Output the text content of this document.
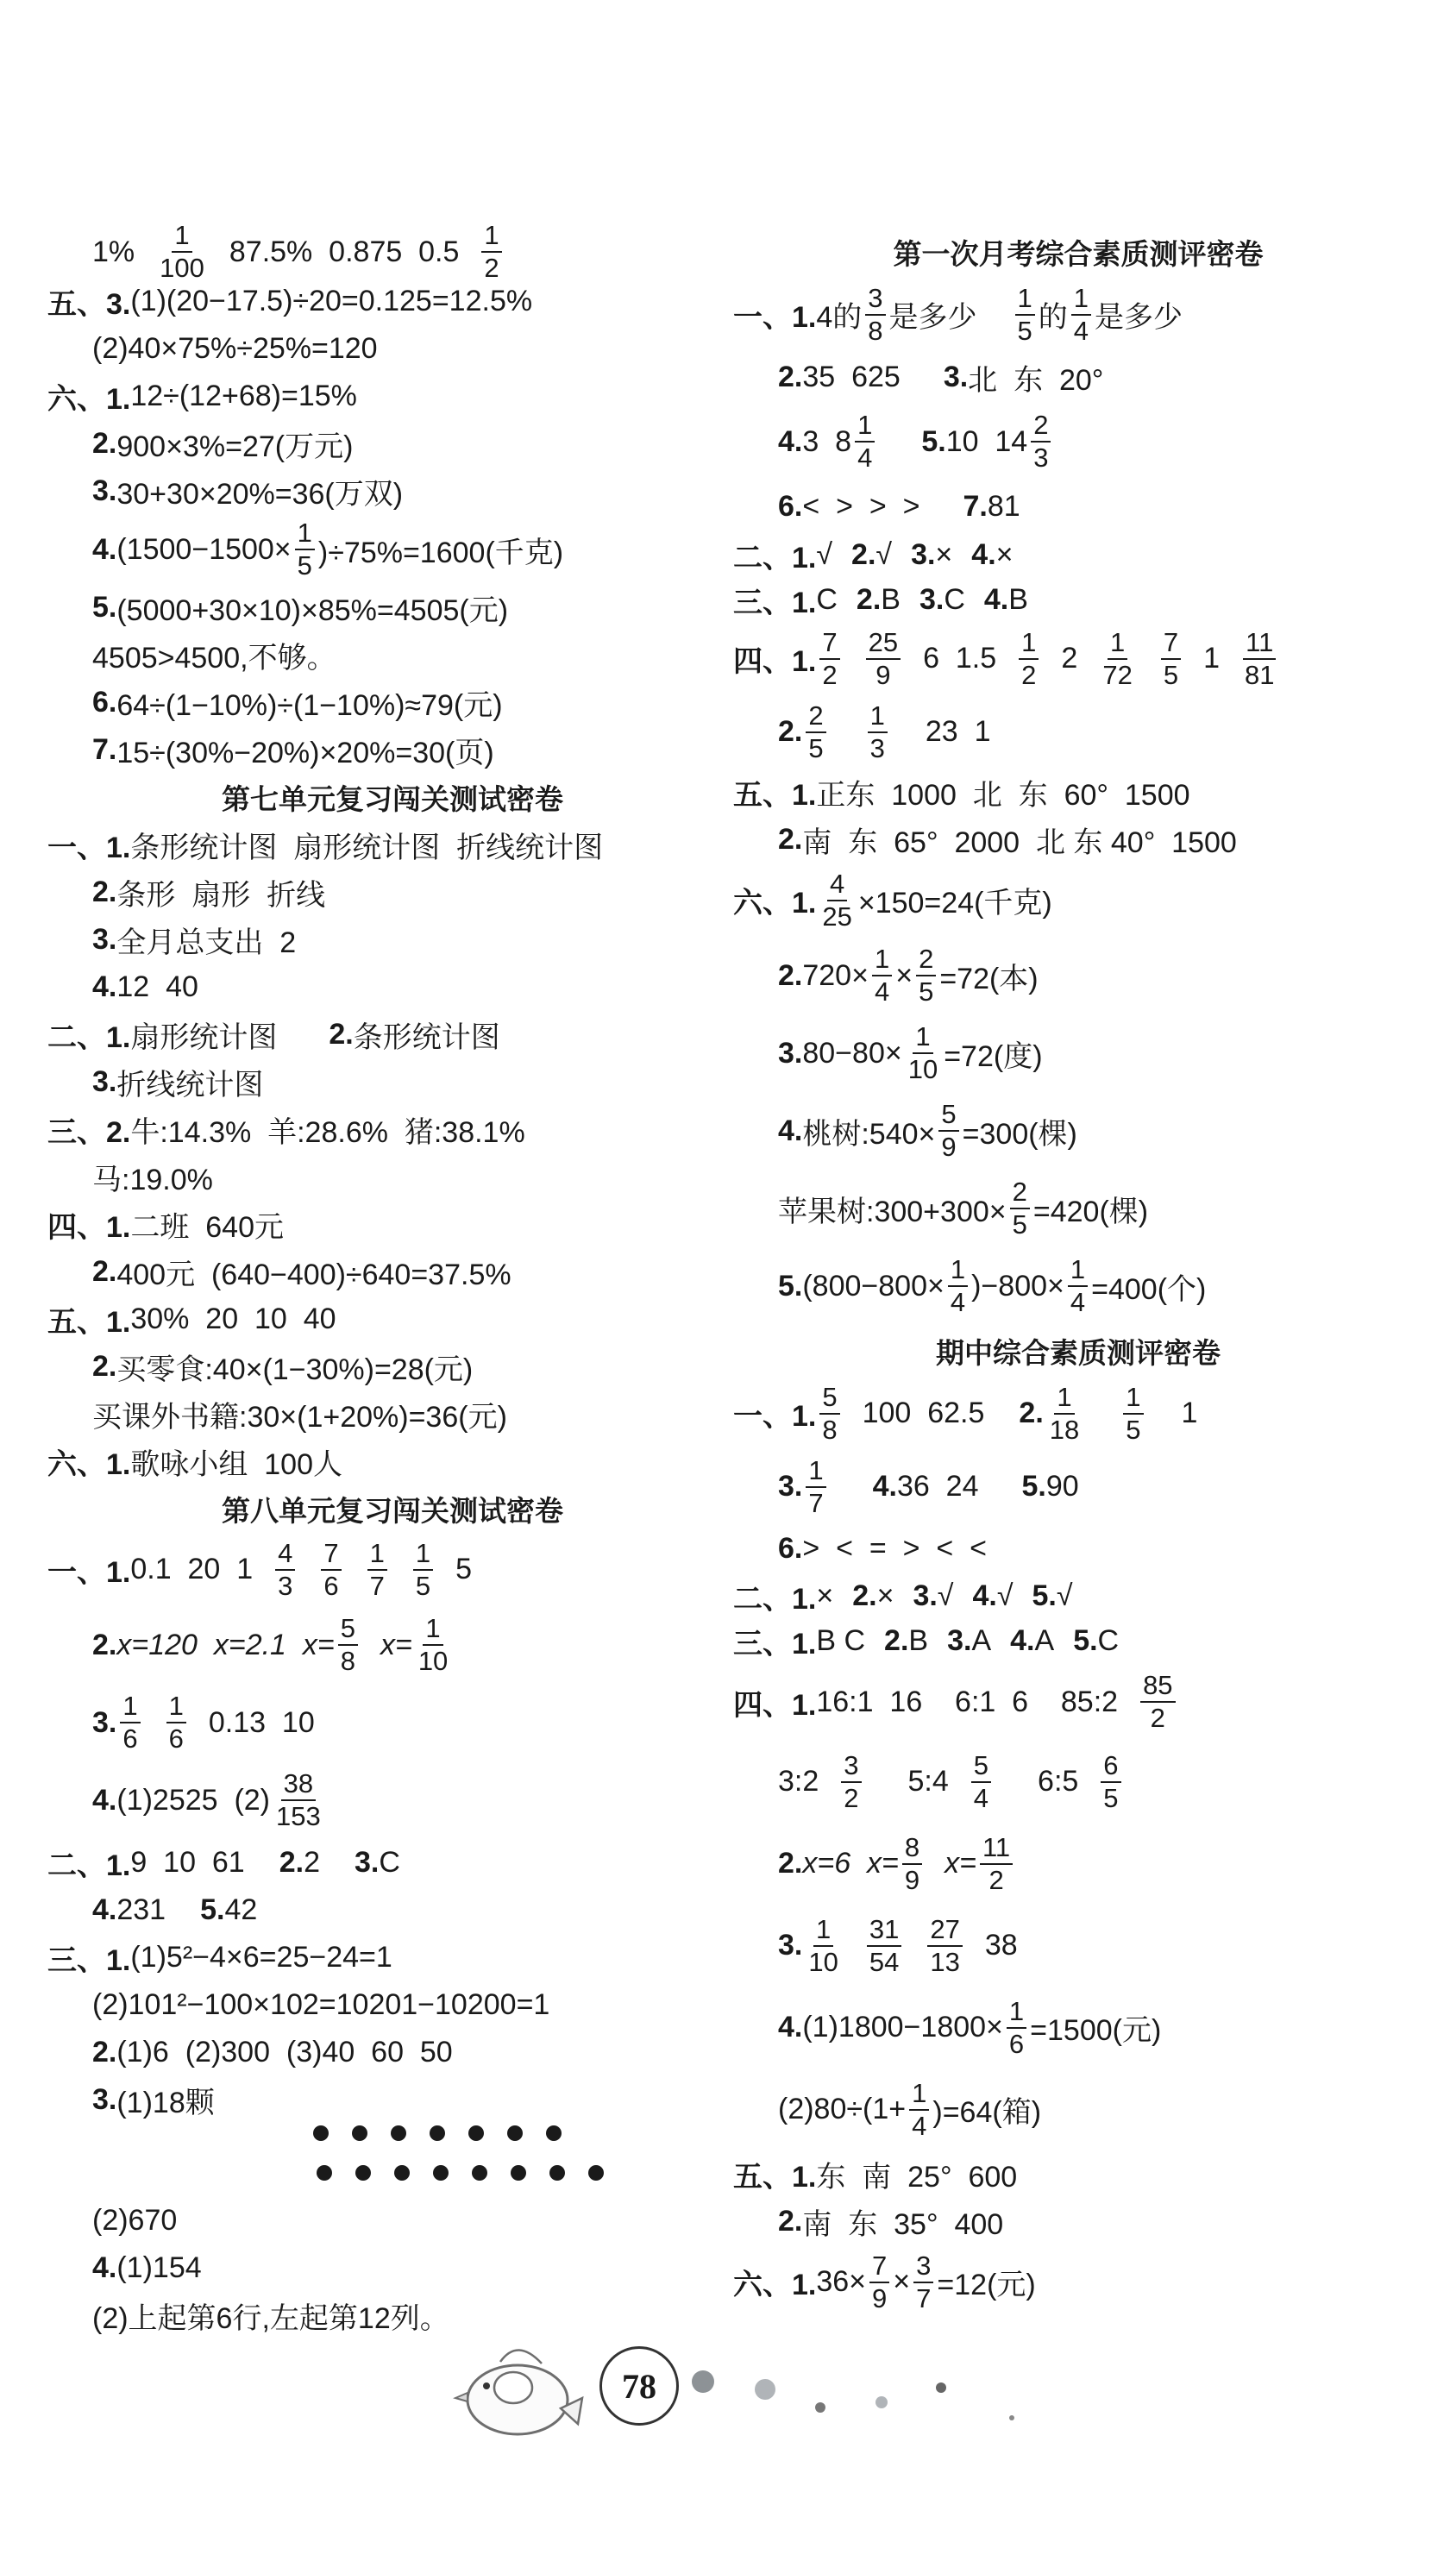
1% 1
100 87.5%  0.875  0.5 1
2
五、3. (1)(20−17.5)÷20=0.125=12.5%
(2)40×75%÷25%=120
六、1. 12÷(12+68)=15%
2. 900×3%=27(万元)
3. 30+30×20%=36(万双)
4. $(1500-1500\times \frac{1}{5} )\div 75\%=1600$(千克)
5. (5000+30×10)×85%=4505(元)
4505>4500,不够。
6. 64÷(1−10%)÷(1−10%)≈79(元)
7. 15÷(30%−20%)×20%=30(页)
第七单元复习闯关测试密卷
一、1. 条形统计图  扇形统计图  折线统计图
2. 条形  扇形  折线
3. 全月总支出  2
4. 12  40
二、1. 扇形统计图 2. 条形统计图
3. 折线统计图
三、2. 牛:14.3%  羊:28.6%  猪:38.1%
马:19.0%
四、1. 二班  640元
2. 400元  (640−400)÷640=37.5%
五、1. 30%  20  10  40
2. 买零食:40×(1−30%)=28(元)
买课外书籍:30×(1+20%)=36(元)
六、1. 歌咏小组  100人
第八单元复习闯关测试密卷
一、1. 0.1  20  1 4
3
7
6
1
7
1
5 5
2. x=120  x=2.1  $x= \frac{5}{8} x= \frac{1}{10}$
3. 1
6
1
6 0.13  10
4. (1)2525  (2) 38
153
二、1. 9  10  61 2. 2 3. C
4. 231 5. 42
三、1. (1)5²−4×6=25−24=1
(2)101²−100×102=10201−10200=1
2. (1)6  (2)300  (3)40  60  50
3. (1)18颗
(2)670
4. (1)154
(2)上起第6行,左起第12列。
第一次月考综合素质测评密卷
一、1. 4的
3
8 是多少
1
5 的
1
4 是多少
2. 35  625 3. 北  东  20°
4. 3  8 1
4 5. 10  14 2
3
6. <  >  >  > 7. 81
二、1. √ 2. √ 3. × 4. ×
三、1. C 2. B 3. C 4. B
四、1.
7
2
25
9 6  1.5 1
2 2 1
72
7
5 1 11
81
2. 2
5
1
3 23  1
五、1. 正东  1000  北  东  60°  1500
2. 南  东  65°  2000  北 东 40°  1500
六、1. $\frac{4}{25} \times 150=24$(千克)
2. $720\times \frac{1}{4} \times \frac{2}{5} =72$(本)
3. $80-80\times \frac{1}{10} =72$(度)
4. 桃树:540× $\frac{5}{9} =300$(棵)
苹果树:300+300× $\frac{2}{5} =420$(棵)
5. $(800-800\times \frac{1}{4} )-800\times \frac{1}{4} =400$(个)
期中综合素质测评密卷
一、1.
5
8 100  62.5 2. 1
18
1
5 1
3. 1
7 4. 36  24 5. 90
6. >  <  =  >  <  <
二、1. × 2. × 3. √ 4. √ 5. √
三、1. B C 2. B 3. A 4. A 5. C
四、1. 16:1  16    6:1  6    85:2 85
2
3:2 3
2 5:4 5
4 6:5 6
5
2. x=6  $x= \frac{8}{9} x= \frac{11}{2}$
3. 1
10
31
54
27
13 38
4. $(1)1800-1800\times \frac{1}{6} =1500$(元)
$(2)80\div(1+ \frac{1}{4} )=64$(箱)
五、1. 东  南  25°  600
2. 南  东  35°  400
六、1. $36\times \frac{7}{9} \times \frac{3}{7} =12$(元)
78
